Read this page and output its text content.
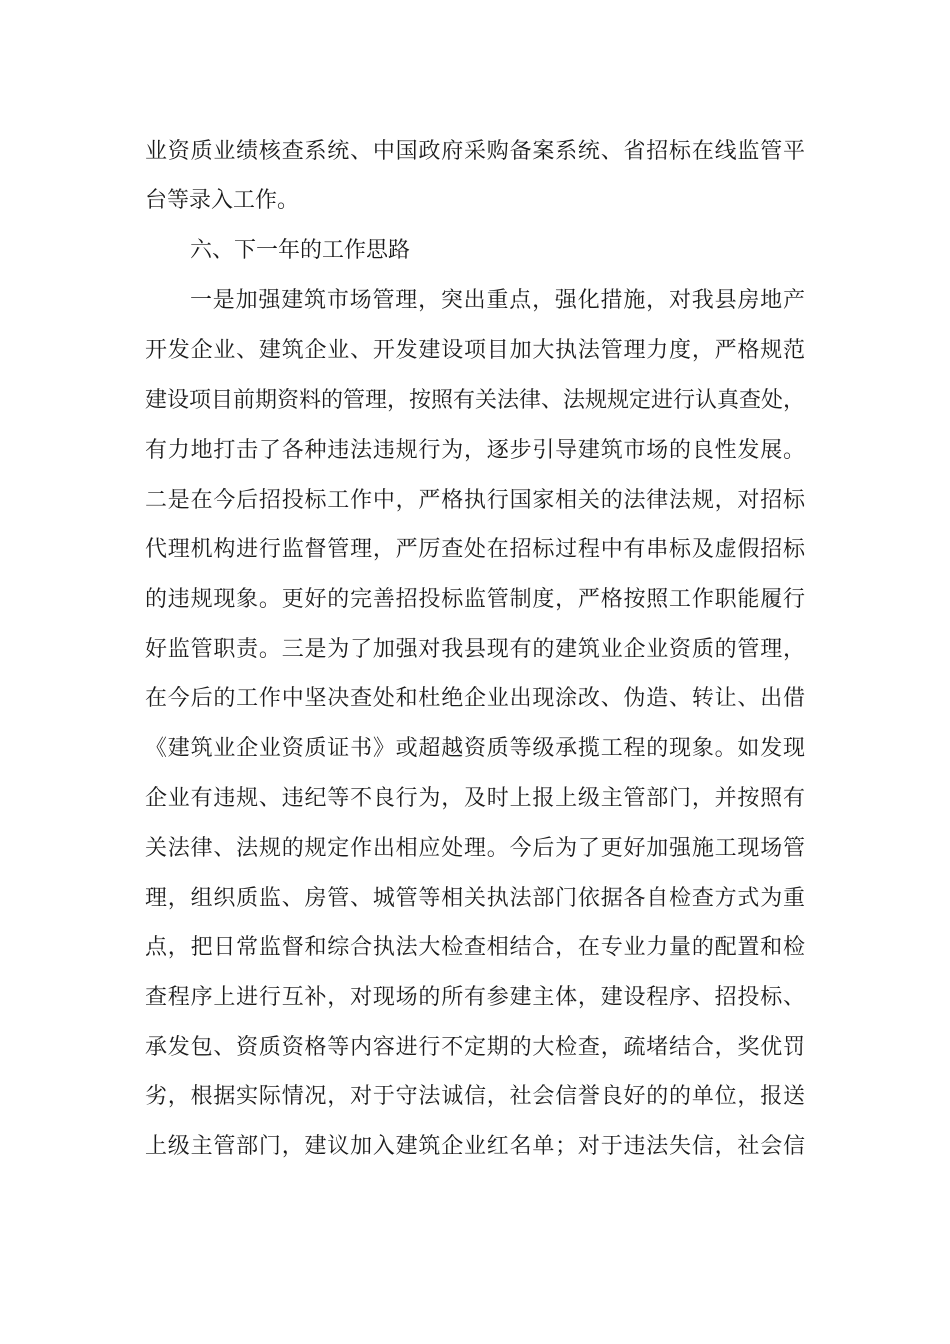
业资质业绩核查系统、中国政府采购备案系统、省招标在线监管平
台等录入工作。
六、下一年的工作思路
一是加强建筑市场管理，突出重点，强化措施，对我县房地产
开发企业、建筑企业、开发建设项目加大执法管理力度，严格规范
建设项目前期资料的管理，按照有关法律、法规规定进行认真查处，
有力地打击了各种违法违规行为，逐步引导建筑市场的良性发展。
二是在今后招投标工作中，严格执行国家相关的法律法规，对招标
代理机构进行监督管理，严厉查处在招标过程中有串标及虚假招标
的违规现象。更好的完善招投标监管制度，严格按照工作职能履行
好监管职责。三是为了加强对我县现有的建筑业企业资质的管理，
在今后的工作中坚决查处和杜绝企业出现涂改、伪造、转让、出借
《建筑业企业资质证书》或超越资质等级承揽工程的现象。如发现
企业有违规、违纪等不良行为，及时上报上级主管部门，并按照有
关法律、法规的规定作出相应处理。今后为了更好加强施工现场管
理，组织质监、房管、城管等相关执法部门依据各自检查方式为重
点，把日常监督和综合执法大检查相结合，在专业力量的配置和检
查程序上进行互补，对现场的所有参建主体，建设程序、招投标、
承发包、资质资格等内容进行不定期的大检查，疏堵结合，奖优罚
劣，根据实际情况，对于守法诚信，社会信誉良好的的单位，报送
上级主管部门，建议加入建筑企业红名单；对于违法失信，社会信
